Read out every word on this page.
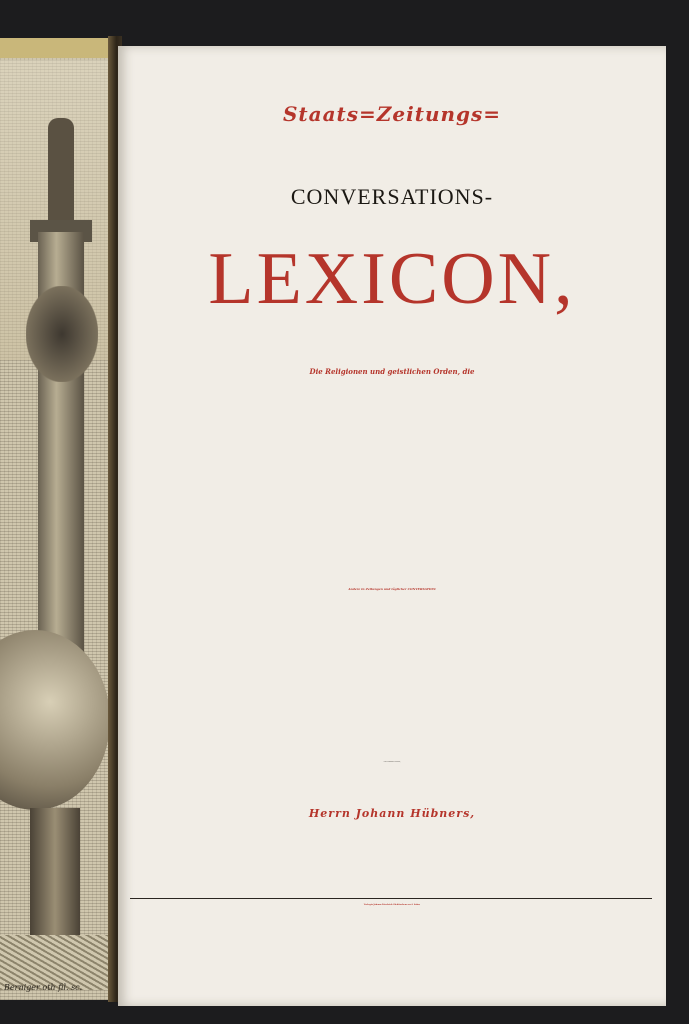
Berniger oth fil. sc.

Staats=Zeitungs=

CONVERSATIONS-

LEXICON,

Die Religionen und geistlichen Orden, die

Andere in Zeitungen und täglicher CONVERSATION

Nebst vollständigen Registern,

Herrn Johann Hübners,

Verlegts Johann Friedrich Gleditschens seel. Sohn,
